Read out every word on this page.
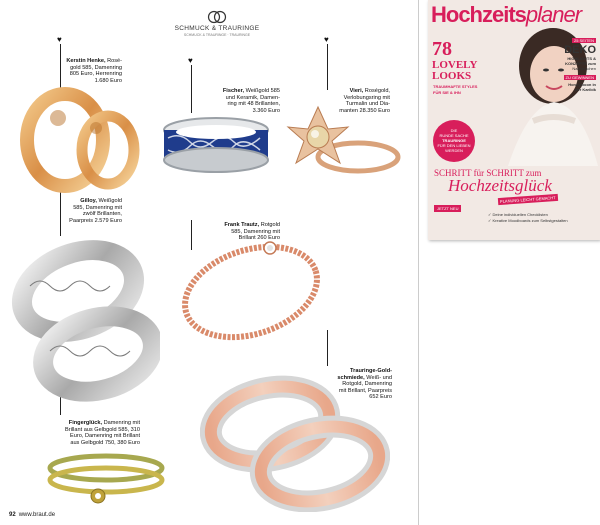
SCHMUCK & TRAURINGE
SCHMUCK & TRAURINGE · TRAURINGE
♥
♥
♥
Kerstin Henke, Rosé-
gold 585, Damenring
805 Euro, Herrenring
1.680 Euro
Fischer, Weißgold 585
und Keramik, Damen-
ring mit 48 Brillanten,
3.360 Euro
Vieri, Roségold,
Verlobungsring mit
Turmalin und Dia-
manten 28.350 Euro
Gilloy, Weißgold
585, Damenring mit
zwölf Brillanten,
Paarpreis 2.579 Euro
Frank Trautz, Rotgold
585, Damenring mit
Brillant 260 Euro
Fingerglück, Damenring mit
Brillant aus Gelbgold 585, 310
Euro, Damenring mit Brillant
aus Gelbgold 750, 380 Euro
Trauringe-Gold-
schmiede, Weiß- und
Rotgold, Damenring
mit Brillant, Paarpreis
652 Euro
92 www.braut.de
Hochzeitsplaner
78
LOVELY
LOOKS
TRAUMHAFTE STYLES
FÜR SIE & IHN
25 SEITEN
DEKO
HIGHLIGHTS &
KONZEPTE zum
Nachmachen
ZU GEWINNEN
Honeymoon in
der Karibik
DIE
RUNDE SACHE
TRAURINGE
FÜR DEN LIEBEN WERDEN
SCHRITT für SCHRITT zum
Hochzeitsglück
PLANUNG LEICHT GEMACHT
JETZT NEU
✓ Deine individuellen Checklisten
✓ Kreative Moodboards zum Selbstgestalten
